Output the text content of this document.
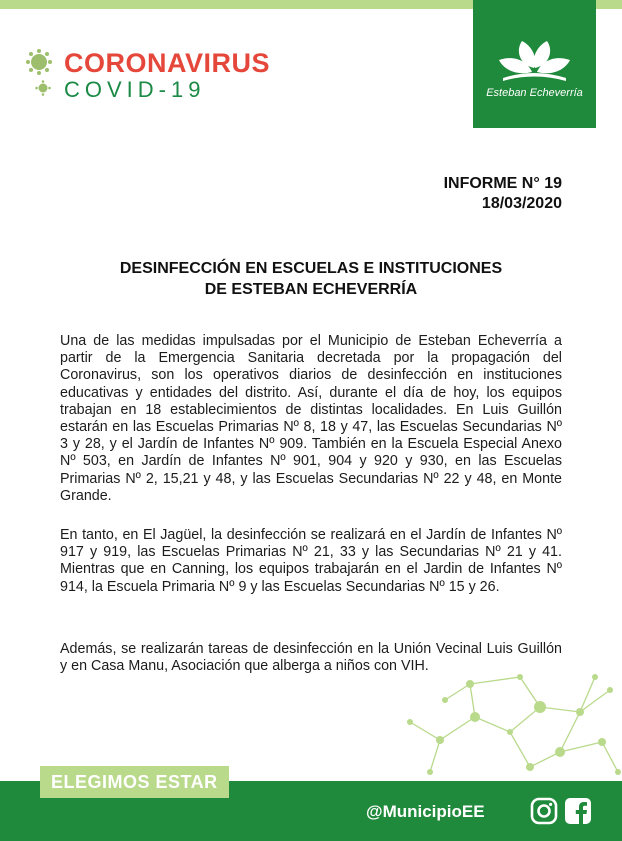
CORONAVIRUS
COVID-19	Esteban Echeverría
INFORME N° 19
18/03/2020
DESINFECCIÓN EN ESCUELAS E INSTITUCIONES
DE ESTEBAN ECHEVERRÍA

Una de las medidas impulsadas por el Municipio de Esteban Echeverría a partir de la Emergencia Sanitaria decretada por la propagación del Coronavirus, son los operativos diarios de desinfección en instituciones educativas y entidades del distrito. Así, durante el día de hoy, los equipos trabajan en 18 establecimientos de distintas localidades. En Luis Guillón estarán en las Escuelas Primarias Nº 8, 18 y 47, las Escuelas Secundarias Nº 3 y 28, y el Jardín de Infantes Nº 909. También en la Escuela Especial Anexo Nº 503, en Jardín de Infantes Nº 901, 904 y 920 y 930, en las Escuelas Primarias Nº 2, 15,21 y 48, y las Escuelas Secundarias Nº 22 y 48, en Monte Grande.

En tanto, en El Jagüel, la desinfección se realizará en el Jardín de Infantes Nº 917 y 919, las Escuelas Primarias Nº 21, 33 y las Secundarias Nº 21 y 41. Mientras que en Canning, los equipos trabajarán en el Jardin de Infantes Nº 914, la Escuela Primaria Nº 9 y las Escuelas Secundarias Nº 15 y 26.

Además, se realizarán tareas de desinfección en la Unión Vecinal Luis Guillón y en Casa Manu, Asociación que alberga a niños con VIH.

ELEGIMOS ESTAR
@MunicipioEE
